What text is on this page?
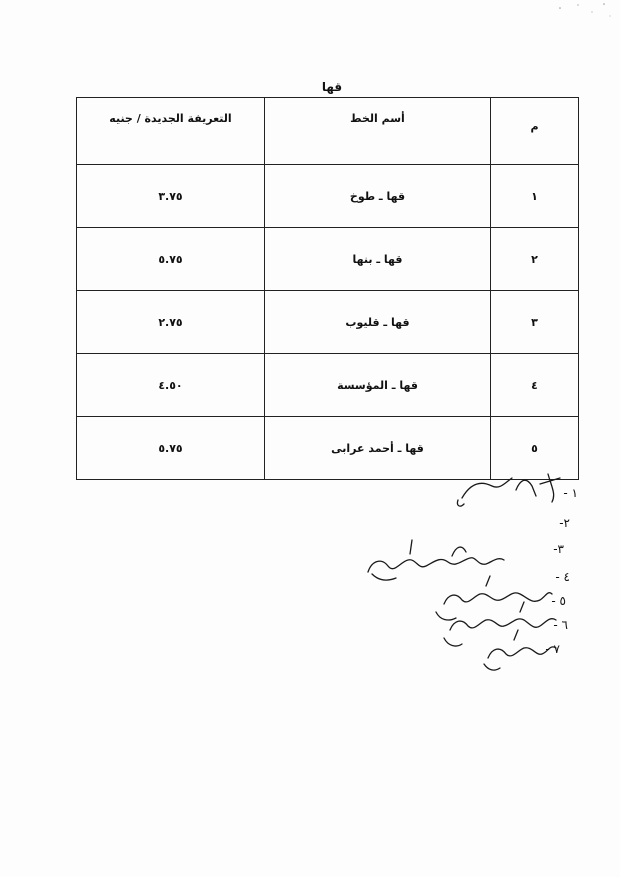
قها
م	أسم الخط	التعريفة الجديدة / جنيه
١	قها ـ طوخ	٣.٧٥
٢	قها ـ بنها	٥.٧٥
٣	قها ـ قليوب	٢.٧٥
٤	قها ـ المؤسسة	٤.٥٠
٥	قها ـ أحمد عرابى	٥.٧٥
١ -
٢-
٣-
٤ -
٥ -
٦ -
٧ -
